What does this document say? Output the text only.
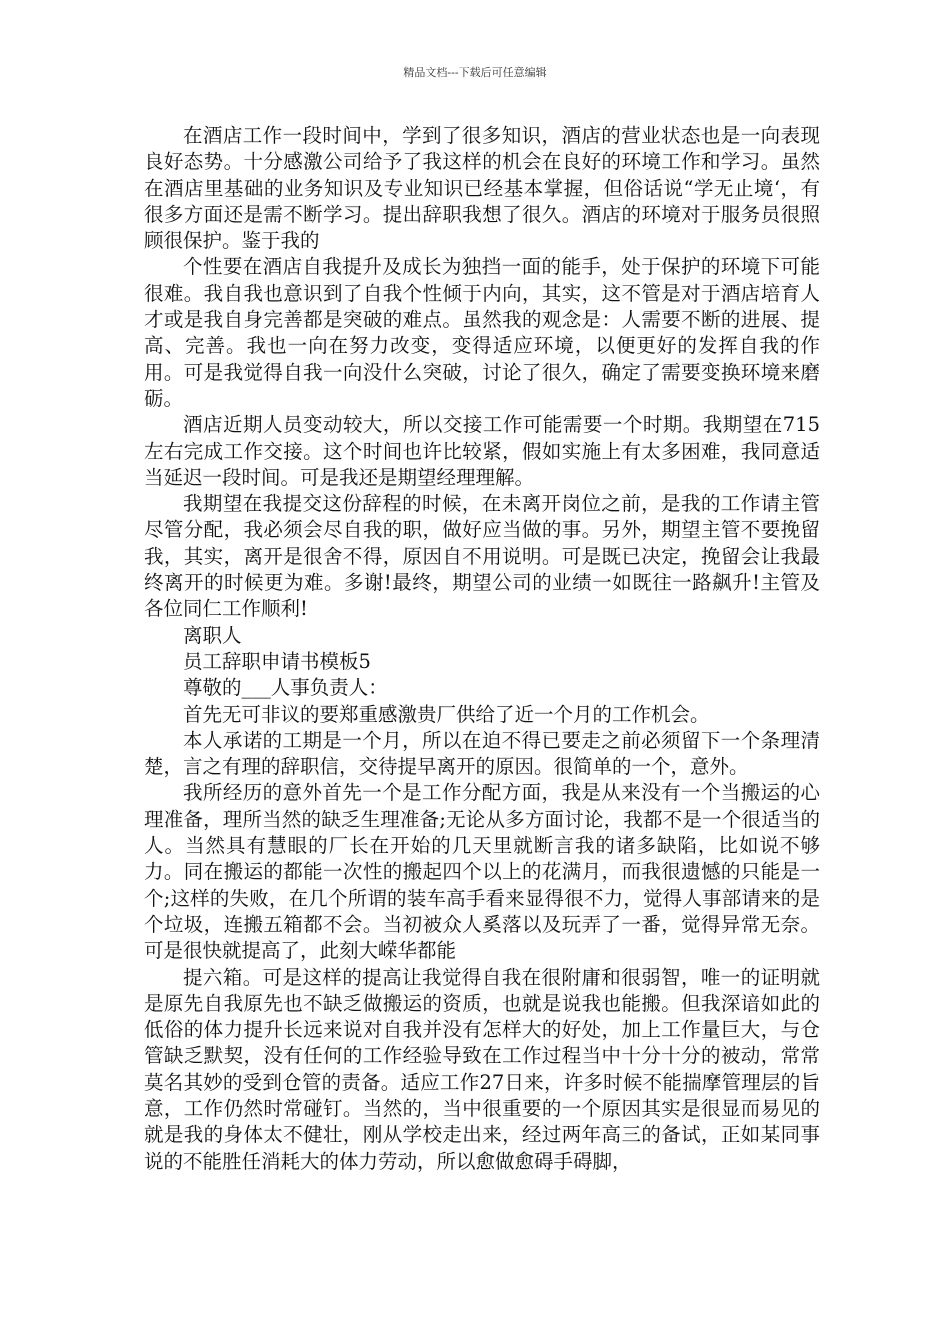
精品文档---下载后可任意编辑

在酒店工作一段时间中，学到了很多知识，酒店的营业状态也是一向表现良好态势。十分感激公司给予了我这样的机会在良好的环境工作和学习。虽然在酒店里基础的业务知识及专业知识已经基本掌握，但俗话说“学无止境‘，有很多方面还是需不断学习。提出辞职我想了很久。酒店的环境对于服务员很照顾很保护。鉴于我的

个性要在酒店自我提升及成长为独挡一面的能手，处于保护的环境下可能很难。我自我也意识到了自我个性倾于内向，其实，这不管是对于酒店培育人才或是我自身完善都是突破的难点。虽然我的观念是：人需要不断的进展、提高、完善。我也一向在努力改变，变得适应环境，以便更好的发挥自我的作用。可是我觉得自我一向没什么突破，讨论了很久，确定了需要变换环境来磨砺。

酒店近期人员变动较大，所以交接工作可能需要一个时期。我期望在715左右完成工作交接。这个时间也许比较紧，假如实施上有太多困难，我同意适当延迟一段时间。可是我还是期望经理理解。

我期望在我提交这份辞程的时候，在未离开岗位之前，是我的工作请主管尽管分配，我必须会尽自我的职，做好应当做的事。另外，期望主管不要挽留我，其实，离开是很舍不得，原因自不用说明。可是既已决定，挽留会让我最终离开的时候更为难。多谢!最终，期望公司的业绩一如既往一路飙升!主管及各位同仁工作顺利!

离职人

员工辞职申请书模板5

尊敬的___人事负责人：

首先无可非议的要郑重感激贵厂供给了近一个月的工作机会。

本人承诺的工期是一个月，所以在迫不得已要走之前必须留下一个条理清楚，言之有理的辞职信，交待提早离开的原因。很简单的一个，意外。

我所经历的意外首先一个是工作分配方面，我是从来没有一个当搬运的心理准备，理所当然的缺乏生理准备;无论从多方面讨论，我都不是一个很适当的人。当然具有慧眼的厂长在开始的几天里就断言我的诸多缺陷，比如说不够力。同在搬运的都能一次性的搬起四个以上的花满月，而我很遗憾的只能是一个;这样的失败，在几个所谓的装车高手看来显得很不力，觉得人事部请来的是个垃圾，连搬五箱都不会。当初被众人奚落以及玩弄了一番，觉得异常无奈。可是很快就提高了，此刻大嵘华都能

提六箱。可是这样的提高让我觉得自我在很附庸和很弱智，唯一的证明就是原先自我原先也不缺乏做搬运的资质，也就是说我也能搬。但我深谙如此的低俗的体力提升长远来说对自我并没有怎样大的好处，加上工作量巨大，与仓管缺乏默契，没有任何的工作经验导致在工作过程当中十分十分的被动，常常莫名其妙的受到仓管的责备。适应工作27日来，许多时候不能揣摩管理层的旨意，工作仍然时常碰钉。当然的，当中很重要的一个原因其实是很显而易见的就是我的身体太不健壮，刚从学校走出来，经过两年高三的备试，正如某同事说的不能胜任消耗大的体力劳动，所以愈做愈碍手碍脚，
